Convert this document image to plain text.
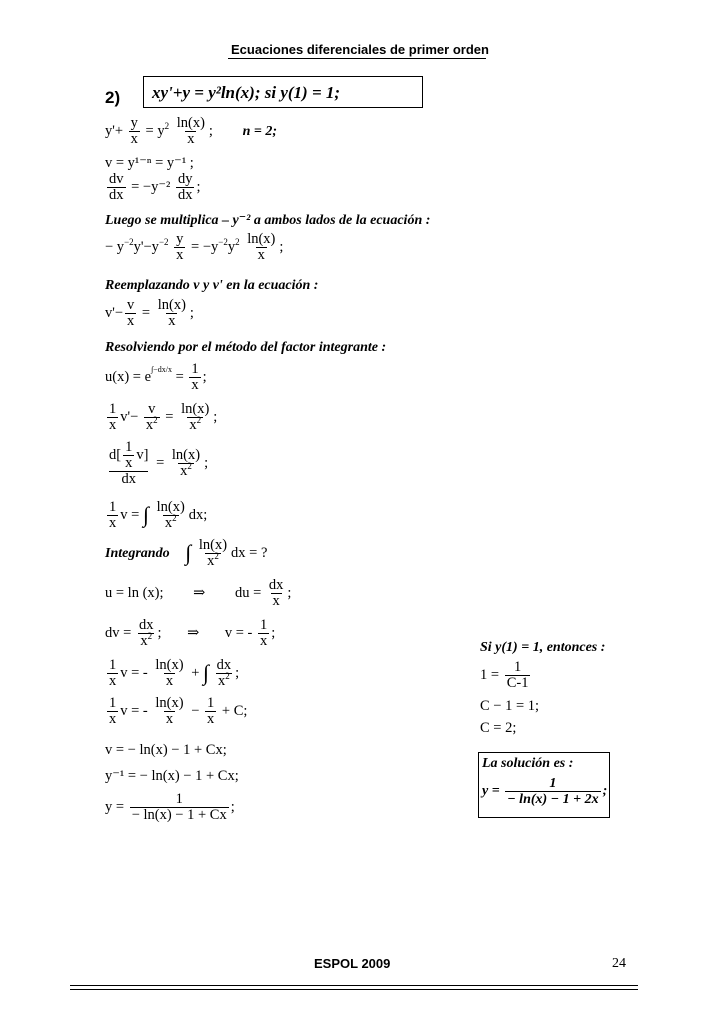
Ecuaciones diferenciales de primer orden
2)	xy'+y = y²ln(x); si y(1) = 1;
$y'+ \frac{y}{x} = y^2 \frac{\ln(x)}{x}$ ; n = 2;
v = y¹⁻ⁿ = y⁻¹ ;
$\frac{dv}{dx} = -y^{-2} \frac{dy}{dx}$ ;
Luego se multiplica – y⁻² a ambos lados de la ecuación :
− $y^{-2}y'-y^{-2} \frac{y}{x} = -y^{-2}y^2 \frac{\ln(x)}{x}$ ;
Reemplazando v y v' en la ecuación :
$v'- \frac{v}{x} = \frac{\ln(x)}{x}$ ;
Resolviendo por el método del factor integrante :
$u(x) = e^{\int-dx/x} = \frac{1}{x}$ ;
$\frac{1}{x} v'- \frac{v}{x^2} = \frac{\ln(x)}{x^2}$ ;
$\frac{d[ \frac{1}{x} v]}{dx} = \frac{\ln(x)}{x^2}$ ;
$\frac{1}{x}$ v = ∫ $\frac{\ln(x)}{x^2}$ dx;
Integrando ∫ $\frac{\ln(x)}{x^2}$ dx = ?
u = ln (x); ⇒ du = $\frac{dx}{x}$ ;
dv = $\frac{dx}{x^2}$ ; ⇒ v = - $\frac{1}{x}$ ;
$\frac{1}{x}$ v = - $\frac{\ln(x)}{x}$ + ∫ $\frac{dx}{x^2}$ ;
$\frac{1}{x}$ v = - $\frac{\ln(x)}{x} - \frac{1}{x} + C$;
v = − ln(x) − 1 + Cx;
y⁻¹ = − ln(x) − 1 + Cx;
$y = \frac{1}{- \ln(x) - 1 + Cx}$ ;
Si y(1) = 1, entonces :
$1 = \frac{1}{C-1}$
C − 1 = 1;
C = 2;
La solución es :
$y = \frac{1}{- \ln(x) - 1 + 2x}$ ;
ESPOL 2009	24
